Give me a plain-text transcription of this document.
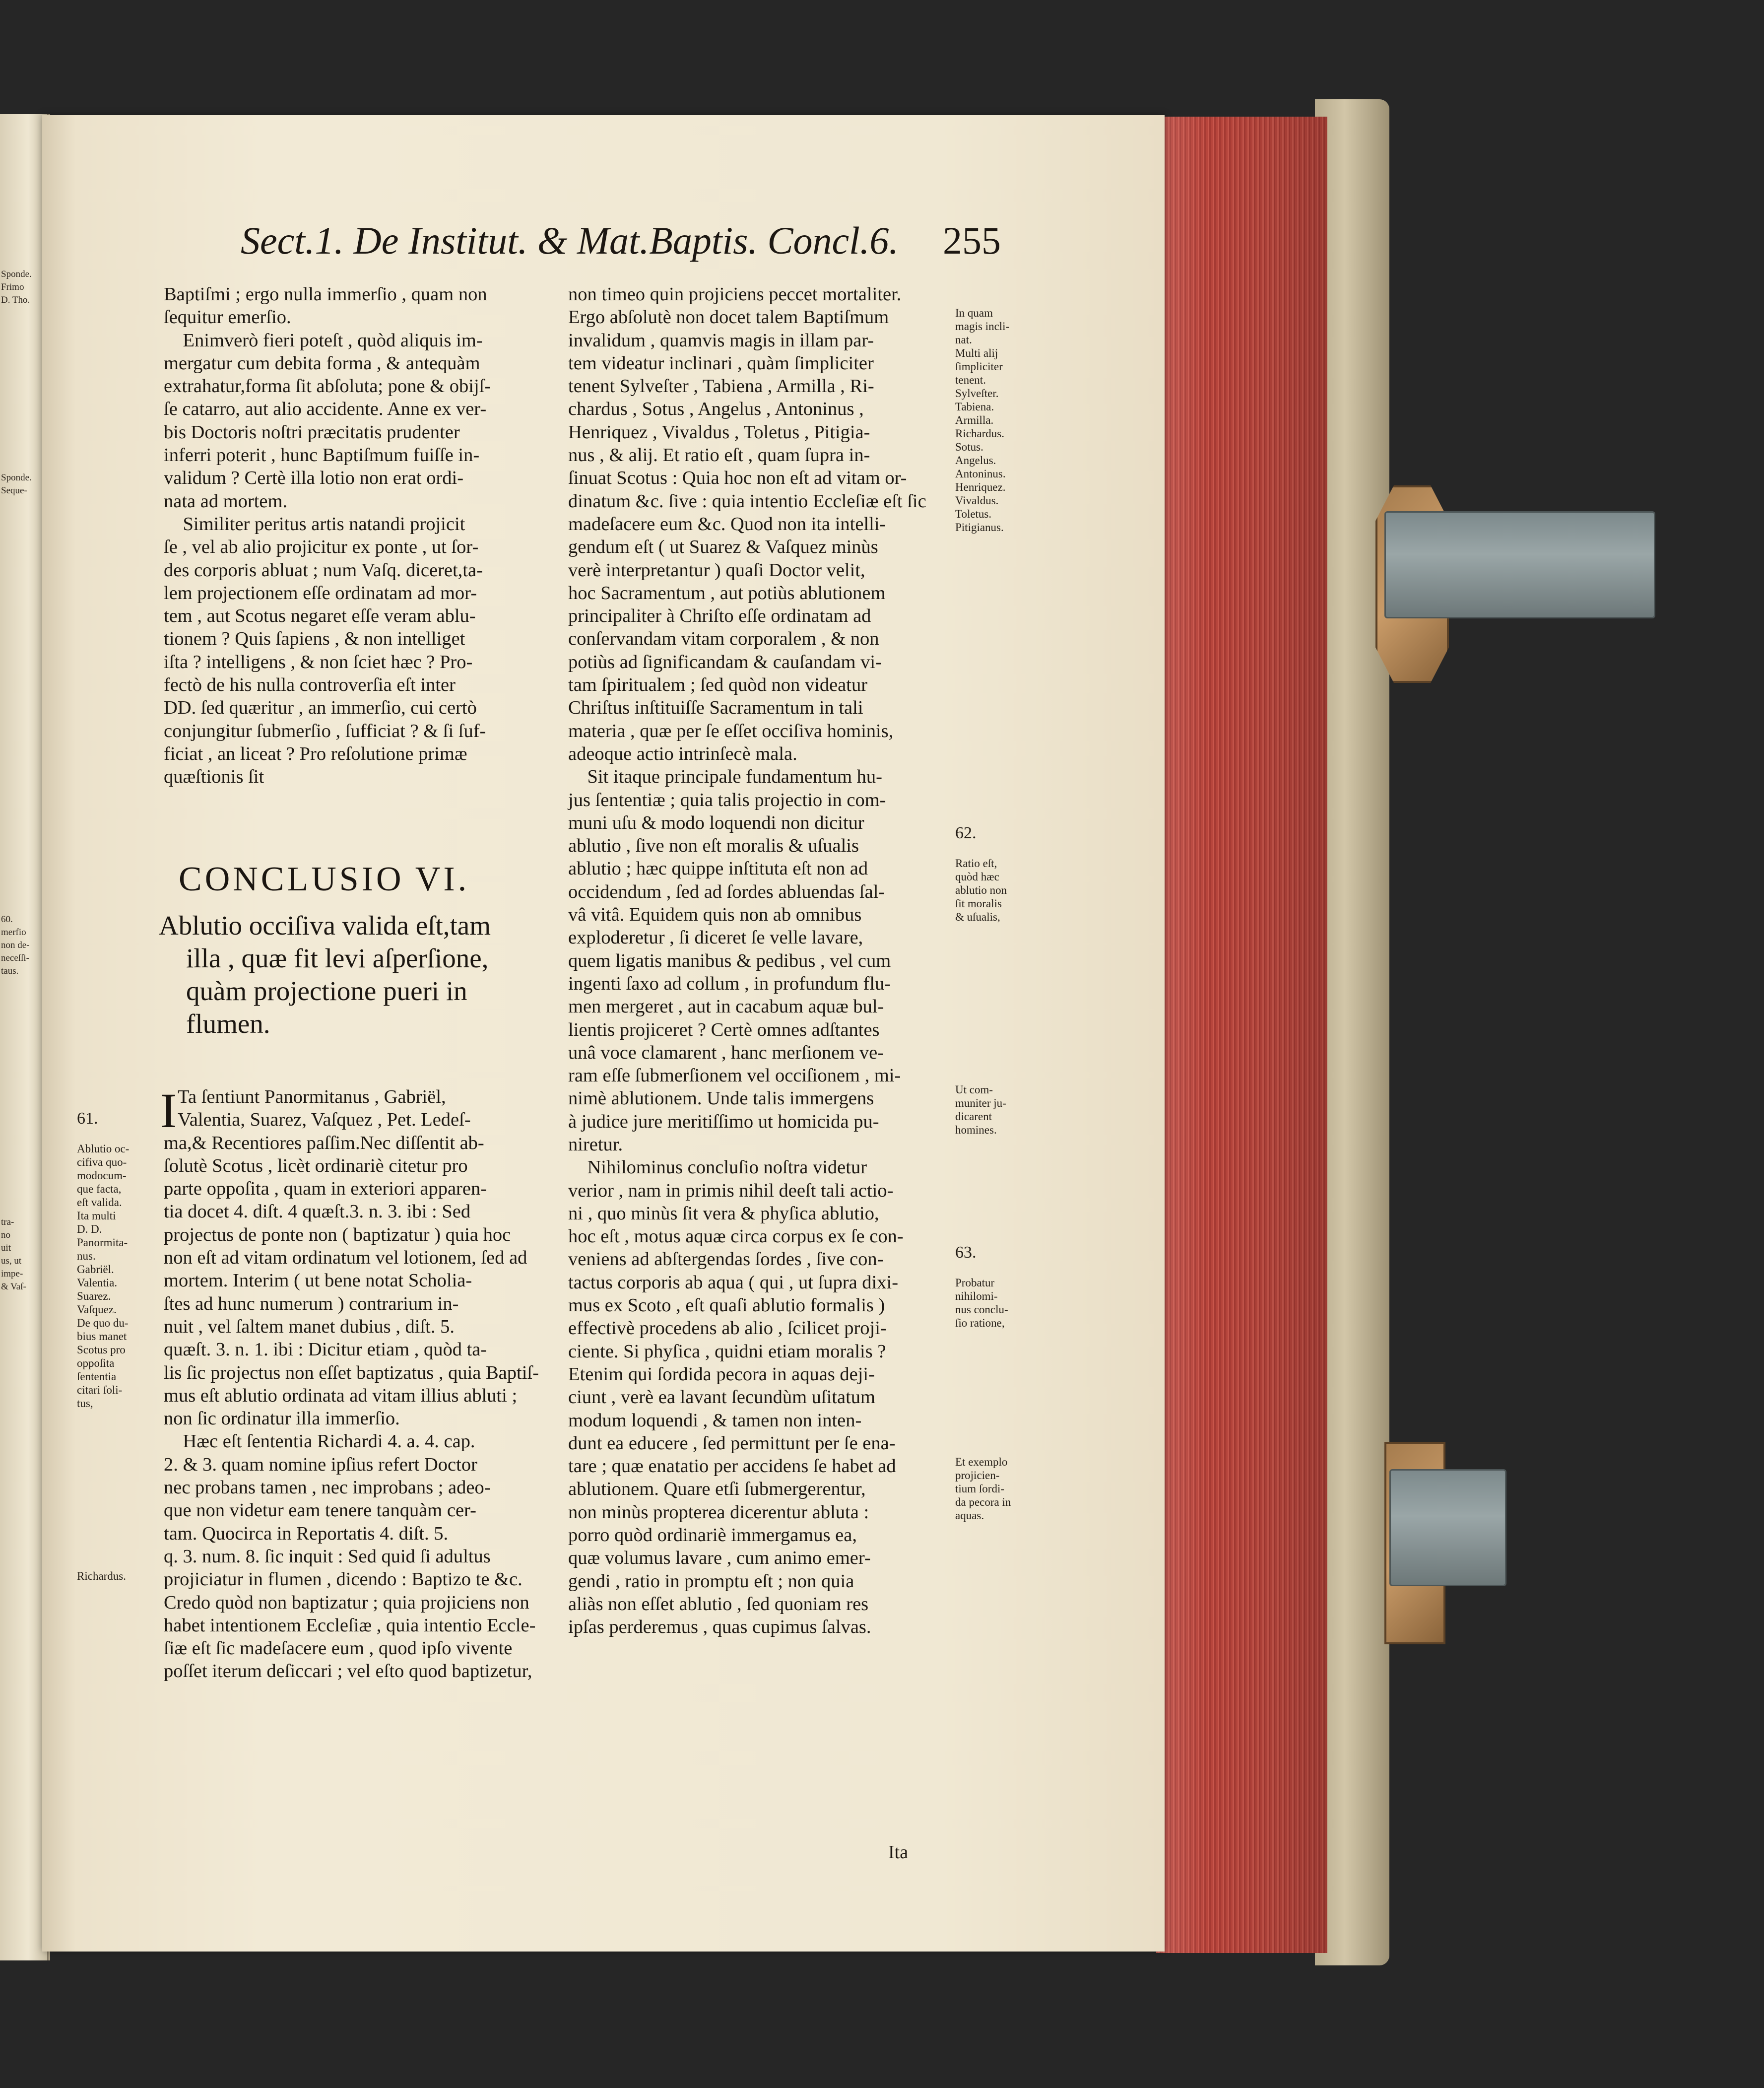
Sponde.
Frimo
D. Tho.
Sponde.
Seque-
60.
merfio
non de-
neceſſi-
taus.
tra-
no
uit
us, ut
impe-
& Vaſ-
Sect.1. De Institut. & Mat.Baptis. Concl.6. 255

Baptiſmi ; ergo nulla immerſio , quam non

ſequitur emerſio.

Enimverò fieri poteſt , quòd aliquis im-

mergatur cum debita forma , & antequàm

extrahatur,forma ſit abſoluta; pone & obijſ-

ſe catarro, aut alio accidente. Anne ex ver-

bis Doctoris noſtri præcitatis prudenter

inferri poterit , hunc Baptiſmum fuiſſe in-

validum ? Certè illa lotio non erat ordi-

nata ad mortem.

Similiter peritus artis natandi projicit

ſe , vel ab alio projicitur ex ponte , ut ſor-

des corporis abluat ; num Vaſq. diceret,ta-

lem projectionem eſſe ordinatam ad mor-

tem , aut Scotus negaret eſſe veram ablu-

tionem ? Quis ſapiens , & non intelliget

iſta ? intelligens , & non ſciet hæc ? Pro-

fectò de his nulla controverſia eſt inter

DD. ſed quæritur , an immerſio, cui certò

conjungitur ſubmerſio , ſufficiat ? & ſi ſuf-

ficiat , an liceat ? Pro reſolutione primæ

quæſtionis ſit

CONCLUSIO VI.
Ablutio occiſiva valida eſt,tam
illa , quæ fit levi aſperſione,
quàm projectione pueri in
flumen.
I

Ta ſentiunt Panormitanus , Gabriël,

Valentia, Suarez, Vaſquez , Pet. Ledeſ-

ma,& Recentiores paſſim.Nec diſſentit ab-

ſolutè Scotus , licèt ordinariè citetur pro

parte oppoſita , quam in exteriori apparen-

tia docet 4. diſt. 4 quæſt.3. n. 3. ibi : Sed

projectus de ponte non ( baptizatur ) quia hoc

non eſt ad vitam ordinatum vel lotionem, ſed ad

mortem. Interim ( ut bene notat Scholia-

ſtes ad hunc numerum ) contrarium in-

nuit , vel ſaltem manet dubius , diſt. 5.

quæſt. 3. n. 1. ibi : Dicitur etiam , quòd ta-

lis ſic projectus non eſſet baptizatus , quia Baptiſ-

mus eſt ablutio ordinata ad vitam illius abluti ;

non ſic ordinatur illa immerſio.

Hæc eſt ſententia Richardi 4. a. 4. cap.

2. & 3. quam nomine ipſius refert Doctor

nec probans tamen , nec improbans ; adeo-

que non videtur eam tenere tanquàm cer-

tam. Quocirca in Reportatis 4. diſt. 5.

q. 3. num. 8. ſic inquit : Sed quid ſi adultus

projiciatur in flumen , dicendo : Baptizo te &c.

Credo quòd non baptizatur ; quia projiciens non

habet intentionem Eccleſiæ , quia intentio Eccle-

ſiæ eſt ſic madeſacere eum , quod ipſo vivente

poſſet iterum deſiccari ; vel eſto quod baptizetur,

non timeo quin projiciens peccet mortaliter.

Ergo abſolutè non docet talem Baptiſmum

invalidum , quamvis magis in illam par-

tem videatur inclinari , quàm ſimpliciter

tenent Sylveſter , Tabiena , Armilla , Ri-

chardus , Sotus , Angelus , Antoninus ,

Henriquez , Vivaldus , Toletus , Pitigia-

nus , & alij. Et ratio eſt , quam ſupra in-

ſinuat Scotus : Quia hoc non eſt ad vitam or-

dinatum &c. ſive : quia intentio Eccleſiæ eſt ſic

madeſacere eum &c. Quod non ita intelli-

gendum eſt ( ut Suarez & Vaſquez minùs

verè interpretantur ) quaſi Doctor velit,

hoc Sacramentum , aut potiùs ablutionem

principaliter à Chriſto eſſe ordinatam ad

conſervandam vitam corporalem , & non

potiùs ad ſignificandam & cauſandam vi-

tam ſpiritualem ; ſed quòd non videatur

Chriſtus inſtituiſſe Sacramentum in tali

materia , quæ per ſe eſſet occiſiva hominis,

adeoque actio intrinſecè mala.

Sit itaque principale fundamentum hu-

jus ſententiæ ; quia talis projectio in com-

muni uſu & modo loquendi non dicitur

ablutio , ſive non eſt moralis & uſualis

ablutio ; hæc quippe inſtituta eſt non ad

occidendum , ſed ad ſordes abluendas ſal-

vâ vitâ. Equidem quis non ab omnibus

exploderetur , ſi diceret ſe velle lavare,

quem ligatis manibus & pedibus , vel cum

ingenti ſaxo ad collum , in profundum flu-

men mergeret , aut in cacabum aquæ bul-

lientis projiceret ? Certè omnes adſtantes

unâ voce clamarent , hanc merſionem ve-

ram eſſe ſubmerſionem vel occiſionem , mi-

nimè ablutionem. Unde talis immergens

à judice jure meritiſſimo ut homicida pu-

niretur.

Nihilominus concluſio noſtra videtur

verior , nam in primis nihil deeſt tali actio-

ni , quo minùs ſit vera & phyſica ablutio,

hoc eſt , motus aquæ circa corpus ex ſe con-

veniens ad abſtergendas ſordes , ſive con-

tactus corporis ab aqua ( qui , ut ſupra dixi-

mus ex Scoto , eſt quaſi ablutio formalis )

effectivè procedens ab alio , ſcilicet proji-

ciente. Si phyſica , quidni etiam moralis ?

Etenim qui ſordida pecora in aquas deji-

ciunt , verè ea lavant ſecundùm uſitatum

modum loquendi , & tamen non inten-

dunt ea educere , ſed permittunt per ſe ena-

tare ; quæ enatatio per accidens ſe habet ad

ablutionem. Quare etſi ſubmergerentur,

non minùs propterea dicerentur abluta :

porro quòd ordinariè immergamus ea,

quæ volumus lavare , cum animo emer-

gendi , ratio in promptu eſt ; non quia

aliàs non eſſet ablutio , ſed quoniam res

ipſas perderemus , quas cupimus ſalvas.

61.

Ablutio oc-
cifiva quo-
modocum-
que facta,
eſt valida.
Ita multi
D. D.
Panormita-
nus.
Gabriël.
Valentia.
Suarez.
Vaſquez.
De quo du-
bius manet
Scotus pro
oppoſita
ſententia
citari ſoli-
tus,

Richardus.
In quam
magis incli-
nat.
Multi alij
ſimpliciter
tenent.
Sylveſter.
Tabiena.
Armilla.
Richardus.
Sotus.
Angelus.
Antoninus.
Henriquez.
Vivaldus.
Toletus.
Pitigianus.

62.

Ratio eſt,
quòd hæc
ablutio non
ſit moralis
& uſualis,

Ut com-
muniter ju-
dicarent
homines.

63.

Probatur
nihilomi-
nus conclu-
ſio ratione,

Et exemplo
projicien-
tium ſordi-
da pecora in
aquas.
Ita
